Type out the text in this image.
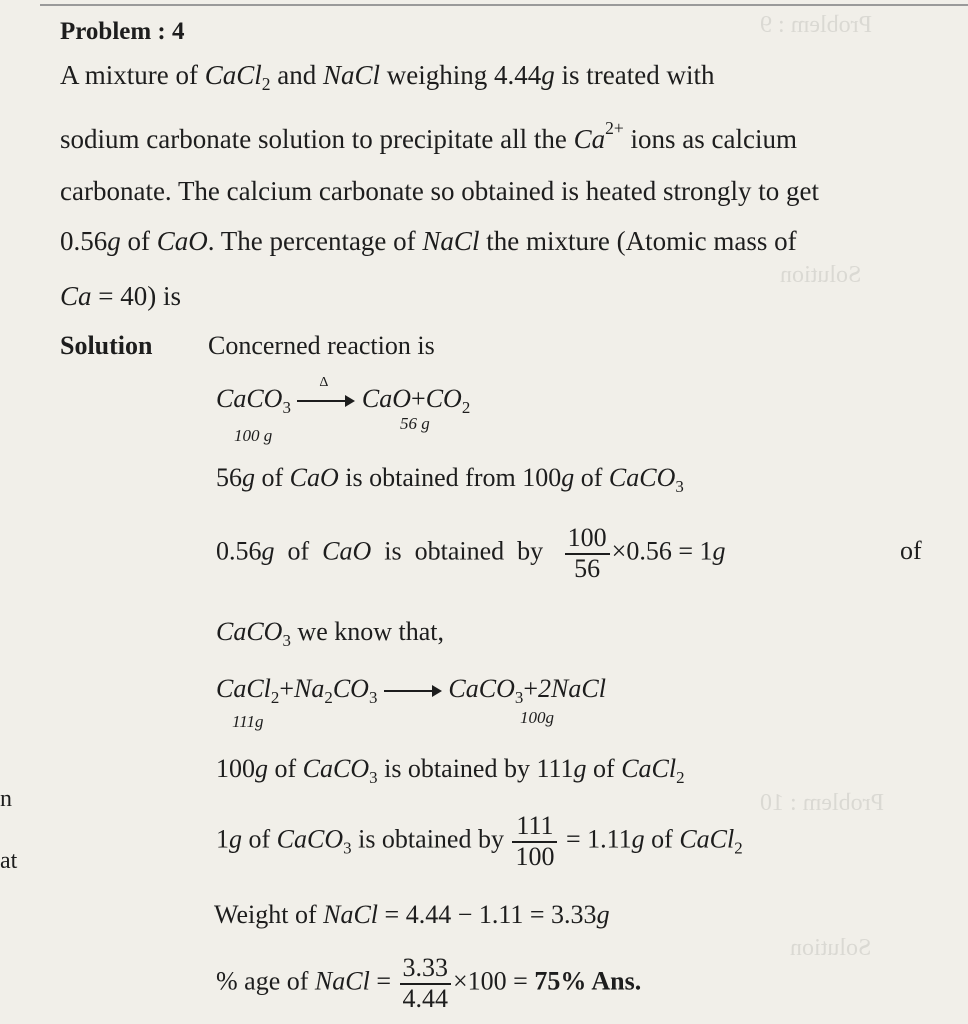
Problem : 9
Solution
Problem : 10
Solution
Problem : 4
A mixture of CaCl$_2$ and NaCl weighing 4.44g is treated with
sodium carbonate solution to precipitate all the $Ca^{2+}$ ions as calcium
carbonate. The calcium carbonate so obtained is heated strongly to get
0.56g of CaO. The percentage of NaCl the mixture (Atomic mass of
Ca = 40) is
Solution Concerned reaction is
CaCO$_3$
Δ
$CaO+CO_2$
100 g
56 g
56g of CaO is obtained from 100g of CaCO$_3$
0.56g  of  CaO  is  obtained  by $\frac{100}{56} \times 0.56 = 1g$	of
CaCO$_3$ we know that,
$CaCl_2+Na_2CO_3$	CaCO$_3$+2NaCl
111g	100g
100g of CaCO$_3$ is obtained by 111g of CaCl$_2$
1g of CaCO$_3$ is obtained by $\frac{111}{100} = 1.11g$ of CaCl$_2$
Weight of NaCl = 4.44 − 1.11 = 3.33g
% age of NaCl = $\frac{3.33}{4.44} \times 100 = 75\%$ Ans.
n
at
